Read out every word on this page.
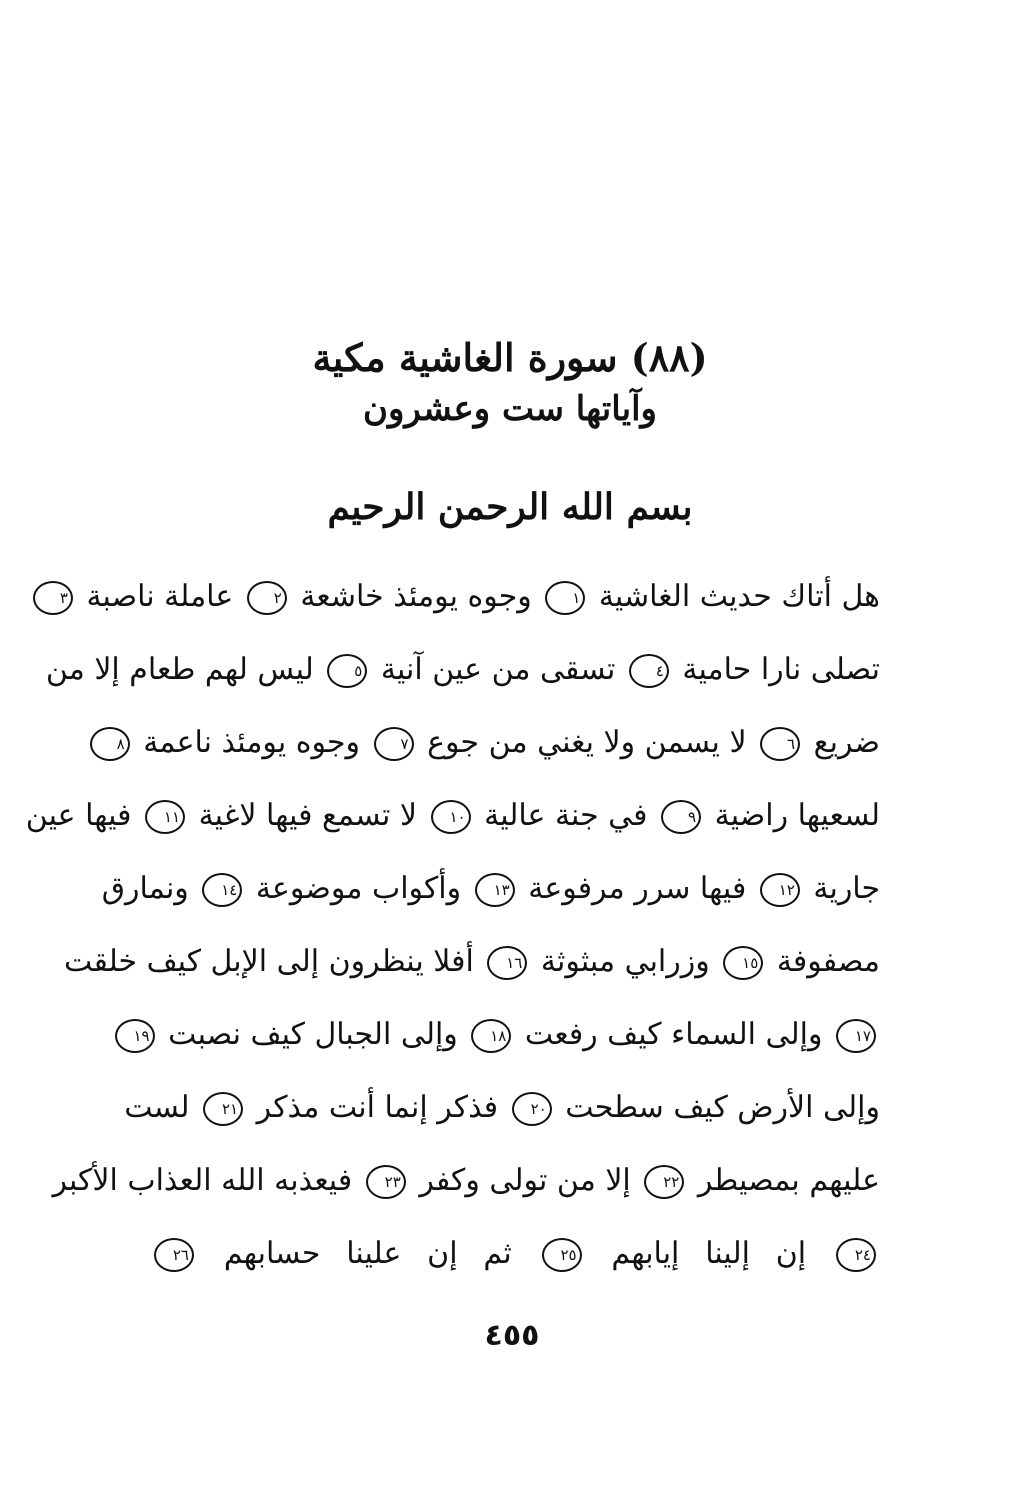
(٨٨) سورة الغاشية مكية
وآياتها ست وعشرون
بسم الله الرحمن الرحيم
هل أتاك حديث الغاشية ١ وجوه يومئذ خاشعة ٢ عاملة ناصبة ٣
تصلى نارا حامية ٤ تسقى من عين آنية ٥ ليس لهم طعام إلا من
ضريع ٦ لا يسمن ولا يغني من جوع ٧ وجوه يومئذ ناعمة ٨
لسعيها راضية ٩ في جنة عالية ١٠ لا تسمع فيها لاغية ١١ فيها عين
جارية ١٢ فيها سرر مرفوعة ١٣ وأكواب موضوعة ١٤ ونمارق
مصفوفة ١٥ وزرابي مبثوثة ١٦ أفلا ينظرون إلى الإبل كيف خلقت
١٧ وإلى السماء كيف رفعت ١٨ وإلى الجبال كيف نصبت ١٩
وإلى الأرض كيف سطحت ٢٠ فذكر إنما أنت مذكر ٢١ لست
عليهم بمصيطر ٢٢ إلا من تولى وكفر ٢٣ فيعذبه الله العذاب الأكبر
٢٤ إن إلينا إيابهم ٢٥ ثم إن علينا حسابهم ٢٦
٤٥٥
